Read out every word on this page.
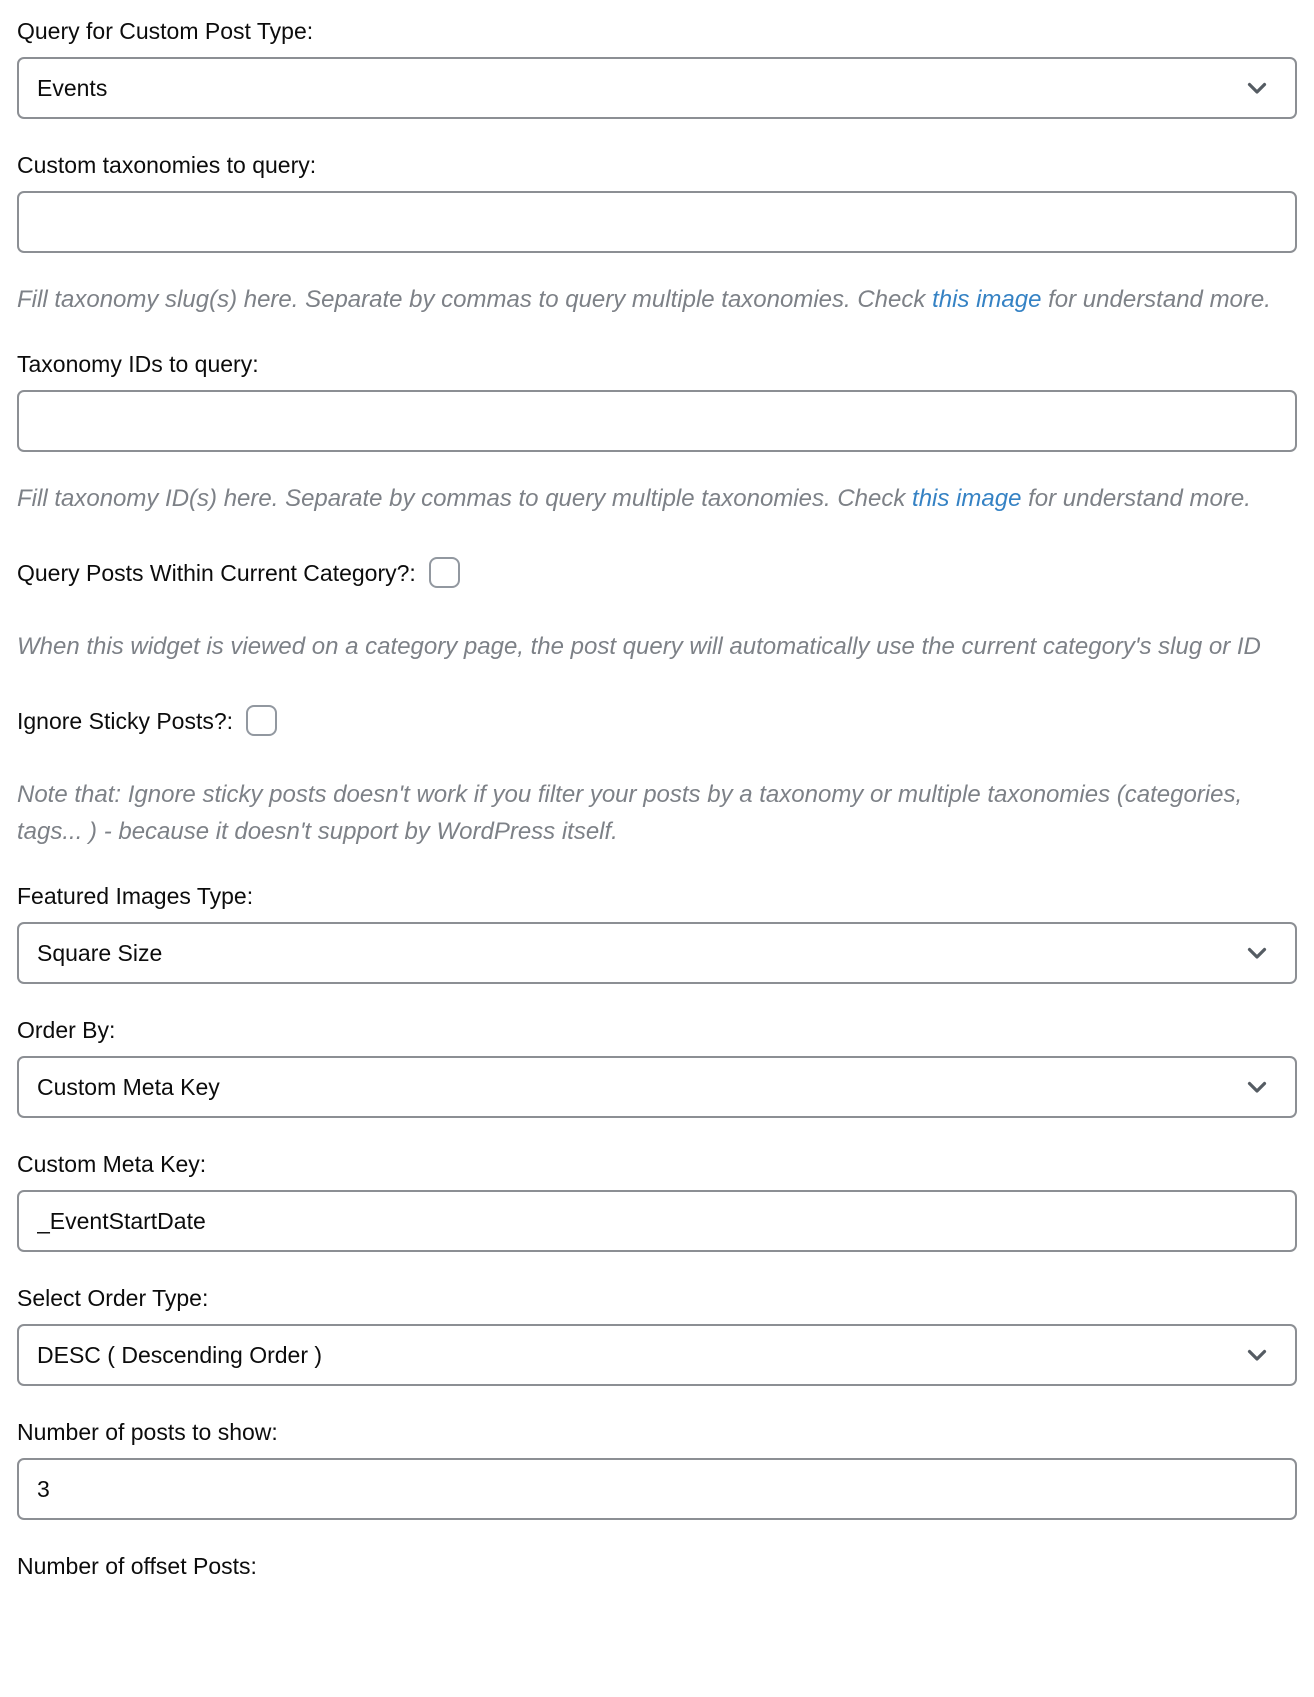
Query for Custom Post Type:
Events
Custom taxonomies to query:
Fill taxonomy slug(s) here. Separate by commas to query multiple taxonomies. Check this image for understand more.
Taxonomy IDs to query:
Fill taxonomy ID(s) here. Separate by commas to query multiple taxonomies. Check this image for understand more.
Query Posts Within Current Category?:
When this widget is viewed on a category page, the post query will automatically use the current category's slug or ID
Ignore Sticky Posts?:
Note that: Ignore sticky posts doesn't work if you filter your posts by a taxonomy or multiple taxonomies (categories, tags... ) - because it doesn't support by WordPress itself.
Featured Images Type:
Square Size
Order By:
Custom Meta Key
Custom Meta Key:
_EventStartDate
Select Order Type:
DESC ( Descending Order )
Number of posts to show:
3
Number of offset Posts:
